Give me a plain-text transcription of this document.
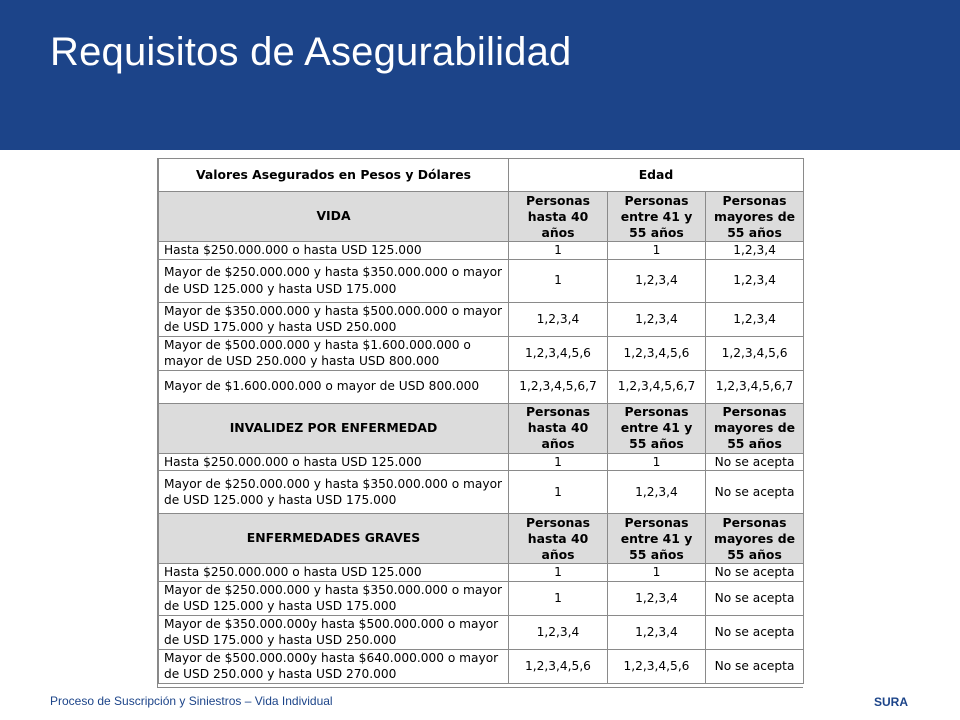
Requisitos de Asegurabilidad
Valores Asegurados en Pesos y Dólares	Edad		
VIDA	Personas hasta 40 años	Personas entre 41 y 55 años	Personas mayores de 55 años
Hasta $250.000.000 o hasta USD 125.000	1	1	1,2,3,4
Mayor de $250.000.000 y hasta $350.000.000 o mayor de USD 125.000 y hasta USD 175.000	1	1,2,3,4	1,2,3,4
Mayor de $350.000.000 y hasta $500.000.000 o mayor de USD 175.000 y hasta USD 250.000	1,2,3,4	1,2,3,4	1,2,3,4
Mayor de $500.000.000 y hasta $1.600.000.000 o mayor de USD 250.000 y hasta USD 800.000	1,2,3,4,5,6	1,2,3,4,5,6	1,2,3,4,5,6
Mayor de $1.600.000.000 o mayor de USD 800.000	1,2,3,4,5,6,7	1,2,3,4,5,6,7	1,2,3,4,5,6,7
INVALIDEZ POR ENFERMEDAD	Personas hasta 40 años	Personas entre 41 y 55 años	Personas mayores de 55 años
Hasta $250.000.000 o hasta USD 125.000	1	1	No se acepta
Mayor de $250.000.000 y hasta $350.000.000 o mayor de USD 125.000 y hasta USD 175.000	1	1,2,3,4	No se acepta
ENFERMEDADES GRAVES	Personas hasta 40 años	Personas entre 41 y 55 años	Personas mayores de 55 años
Hasta $250.000.000 o hasta USD 125.000	1	1	No se acepta
Mayor de $250.000.000 y hasta $350.000.000 o mayor de USD 125.000 y hasta USD 175.000	1	1,2,3,4	No se acepta
Mayor de $350.000.000y hasta $500.000.000 o mayor de USD 175.000 y hasta USD 250.000	1,2,3,4	1,2,3,4	No se acepta
Mayor de $500.000.000y hasta $640.000.000 o mayor de USD 250.000 y hasta USD 270.000	1,2,3,4,5,6	1,2,3,4,5,6	No se acepta
Proceso de Suscripción y Siniestros – Vida Individual	SURA
